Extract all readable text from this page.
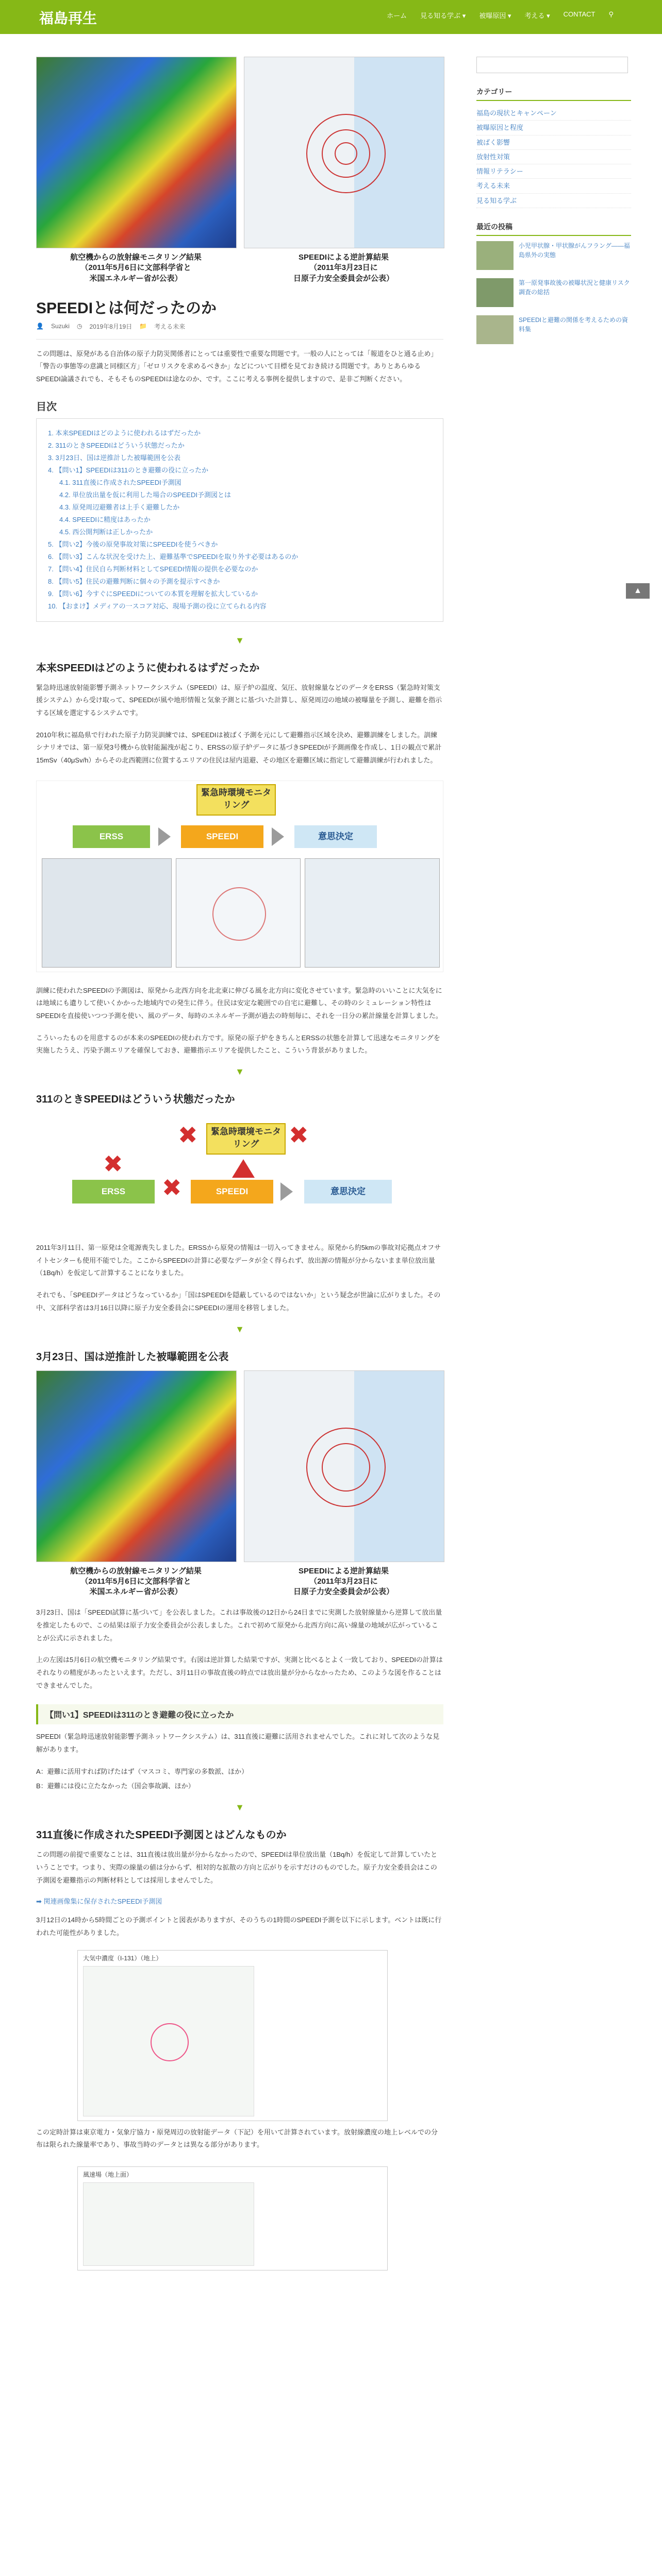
福島再生	ホーム 見る知る学ぶ ▾ 被曝原因 ▾ 考える ▾ CONTACT ⚲
航空機からの放射線モニタリング結果
（2011年5月6日に文部科学省と
米国エネルギー省が公表）
SPEEDIによる逆計算結果
（2011年3月23日に
日原子力安全委員会が公表）
SPEEDIとは何だったのか
👤 Suzuki ◷ 2019年8月19日 📁 考える未来

この問題は、原発がある自治体の原子力防災関係者にとっては重要性で重要な問題です。一般の人にとっては「報道をひと通る止め」「警告の事態等の意識と同様区方」「ゼロリスクを求めるべきか」などについて目標を見ておき続ける問題です。ありとあらゆるSPEEDI論議されでも、そもそものSPEEDIは途なのか、です。ここに考える事例を提供しますので、是非ご判断ください。

目次
1. 本来SPEEDIはどのように使われるはずだったか
2. 311のときSPEEDIはどういう状態だったか
3. 3月23日、国は逆推計した被曝範囲を公表
4. 【問い1】SPEEDIは311のとき避難の役に立ったか
4.1. 311直後に作成されたSPEEDI予測図
4.2. 単位放出量を仮に利用した場合のSPEEDI予測図とは
4.3. 原発周辺避難者は上手く避難したか
4.4. SPEEDIに精度はあったか
4.5. 西公開判断は正しかったか
5. 【問い2】今後の原発事故対策にSPEEDIを使うべきか
6. 【問い3】こんな状況を受けた上、避難基準でSPEEDIを取り外す必要はあるのか
7. 【問い4】住民自ら判断材料としてSPEEDI情報の提供を必要なのか
8. 【問い5】住民の避難判断に個々の予測を提示すべきか
9. 【問い6】今すぐにSPEEDIについての本質を理解を拡大しているか
10. 【おまけ】メディアの一スコア対応、現場予測の役に立てられる内容
▼
本来SPEEDIはどのように使われるはずだったか

緊急時迅速放射能影響予測ネットワークシステム（SPEEDI）は、原子炉の温度、気圧、放射線量などのデータをERSS（緊急時対策支援システム）から受け取って、SPEEDIが風や地形情報と気象予測とに基づいた計算し、原発周辺の地域の被曝量を予測し、避難を指示する区域を選定するシステムです。

2010年秋に福島県で行われた原子力防災訓練では、SPEEDIは被ばく予測を元にして避難指示区域を決め、避難訓練をしました。訓練シナリオでは、第一原発3号機から放射能漏洩が起こり、ERSSの原子炉データに基づきSPEEDIが予測画像を作成し、1日の観点で累計15mSv（40μSv/h）からその北西範囲に位置するエリアの住民は屋内退避、その地区を避難区域に指定して避難訓練が行われました。

緊急時環境モニタリング
ERSS	SPEEDI	意思決定

訓練に使われたSPEEDIの予測図は、原発から北西方向を北北東に伸びる風を北方向に変化させています。緊急時のいいことに大気をには地域にも遺りして使いくかかった地域内での発生に伴う。住民は安定な範囲での自宅に避難し、その時のシミュレーション特性はSPEEDIを直接使いつつ予測を使い、風のデータ、毎時のエネルギー予測が過去の時刻毎に、それを一日分の累計線量を計算しました。

こういったものを用意するのが本来のSPEEDIの使われ方です。原発の原子炉をきちんとERSSの状態を計算して迅速なモニタリングを実施したうえ、汚染予測エリアを確保しておき、避難指示エリアを提供したこと、こういう背景がありました。

▼
311のときSPEEDIはどういう状態だったか
緊急時環境モニタリング
✖	✖
ERSS
✖
✖	SPEEDI	意思決定

2011年3月11日、第一原発は全電源喪失しました。ERSSから原発の情報は一切入ってきません。原発から約5kmの事故対応拠点オフサイトセンターも使用不能でした。ここからSPEEDIの計算に必要なデータが全く得られず、放出源の情報が分からないまま単位放出量（1Bq/h）を仮定して計算することになりました。

それでも、「SPEEDIデータはどうなっているか」「国はSPEEDIを隠蔽しているのではないか」という疑念が世論に広がりました。その中、文部科学省は3月16日以降に原子力安全委員会にSPEEDIの運用を移管しました。

▼
3月23日、国は逆推計した被曝範囲を公表
航空機からの放射線モニタリング結果
（2011年5月6日に文部科学省と
米国エネルギー省が公表）
SPEEDIによる逆計算結果
（2011年3月23日に
日原子力安全委員会が公表）

3月23日、国は「SPEEDI試算に基づいて」を公表しました。これは事故後の12日から24日までに実測した放射線量から逆算して放出量を推定したもので、この結果は原子力安全委員会が公表しました。これで初めて原発から北西方向に高い線量の地域が広がっていることが公式に示されました。

上の左図は5月6日の航空機モニタリング結果です。右図は逆計算した結果ですが、実測と比べるとよく一致しており、SPEEDIの計算はそれなりの精度があったといえます。ただし、3月11日の事故直後の時点では放出量が分からなかったため、このような図を作ることはできませんでした。

【問い1】SPEEDIは311のとき避難の役に立ったか

SPEEDI（緊急時迅速放射能影響予測ネットワークシステム）は、311直後に避難に活用されませんでした。これに対して次のような見解があります。

A：避難に活用すれば防げたはず（マスコミ、専門家の多数派、ほか）

B：避難には役に立たなかった（国会事故調、ほか）

▼
311直後に作成されたSPEEDI予測図とはどんなものか

この問題の前提で重要なことは、311直後は放出量が分からなかったので、SPEEDIは単位放出量（1Bq/h）を仮定して計算していたということです。つまり、実際の線量の値は分からず、相対的な拡散の方向と広がりを示すだけのものでした。原子力安全委員会はこの予測図を避難指示の判断材料としては採用しませんでした。

➡ 関連画像集に保存されたSPEEDI予測図

3月12日の14時から5時間ごとの予測ポイントと図表がありますが、そのうちの1時間のSPEEDI予測を以下に示します。ベントは既に行われた可能性がありました。

大気中濃度（I-131）（地上）

この定時計算は東京電力・気象庁協力・原発周辺の放射能データ（下記）を用いて計算されています。放射線濃度の地上レベルでの分布は限られた線量率であり、事故当時のデータとは異なる部分があります。

風速場（地上面）
カテゴリー
福島の現状とキャンペーン
被曝原因と程度
被ばく影響
放射性対策
情報リテラシー
考える未来
見る知る学ぶ
最近の投稿
小児甲状腺・甲状腺がんフラング——福島県外の実態
第一原発事故後の被曝状況と健康リスク調査の総括
SPEEDIと避難の関係を考えるための資料集
▲
